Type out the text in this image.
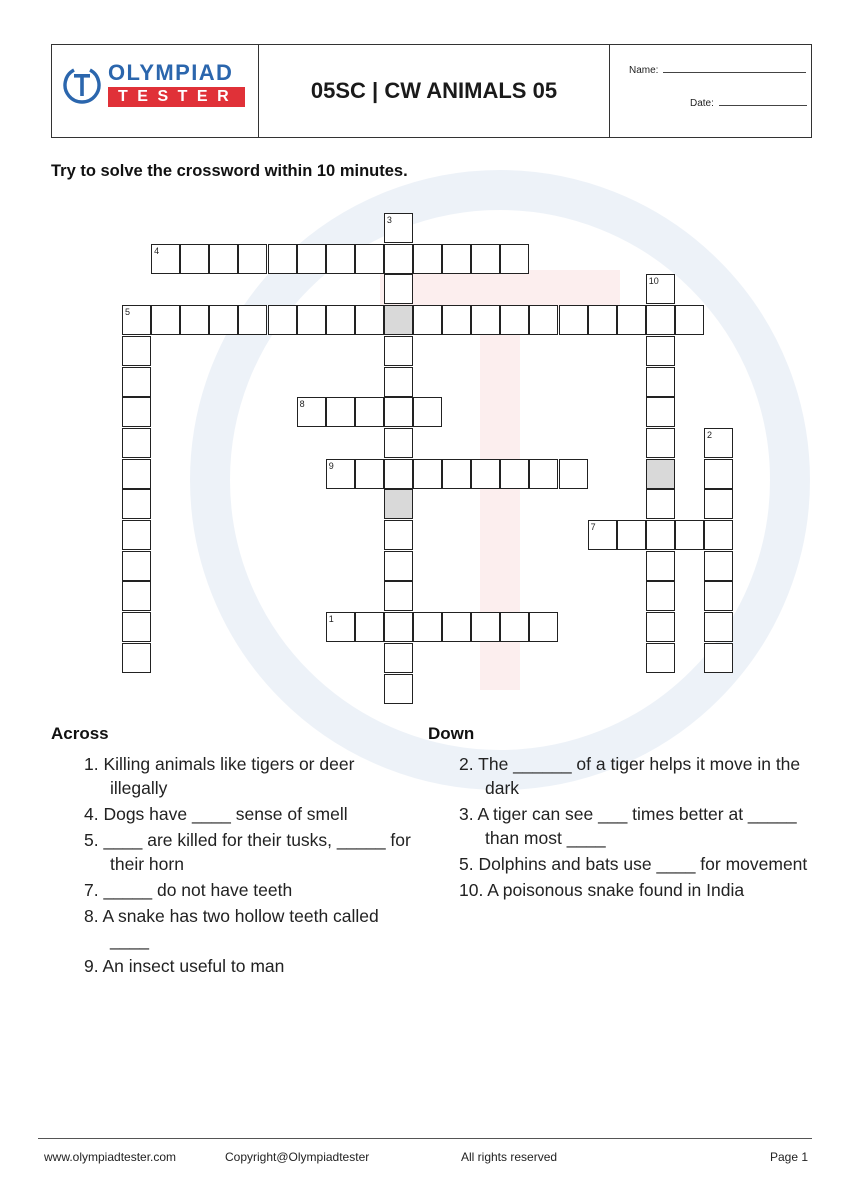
OLYMPIAD
TESTER	05SC | CW ANIMALS 05
Name:
Date:
Try to solve the crossword within 10 minutes.
3
4
10
5
8
2
9
7
1
Across	Down
1. Killing animals like tigers or deer illegally
4. Dogs have ____ sense of smell
5. ____ are killed for their tusks, _____ for their horn
7. _____ do not have teeth
8. A snake has two hollow teeth called ____
9. An insect useful to man
2. The ______ of a tiger helps it move in the dark
3. A tiger can see ___ times better at _____ than most ____
5. Dolphins and bats use ____ for movement
10. A poisonous snake found in India
www.olympiadtester.com	Copyright@Olympiadtester	All rights reserved	Page 1
